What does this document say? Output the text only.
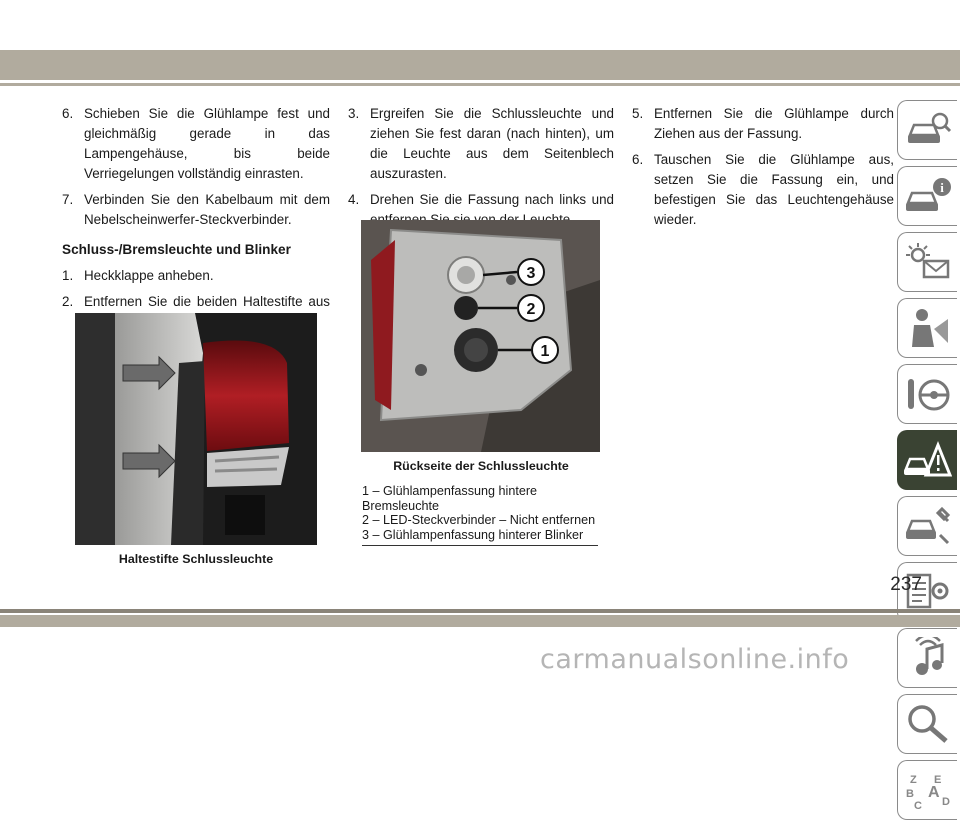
6. Schieben Sie die Glühlampe fest und gleichmäßig gerade in das Lampengehäuse, bis beide Verriegelungen vollständig einrasten.
7. Verbinden Sie den Kabelbaum mit dem Nebelscheinwerfer-Steckverbinder.
Schluss-/Bremsleuchte und Blinker
1. Heckklappe anheben.
2. Entfernen Sie die beiden Haltestifte aus
Haltestifte Schlussleuchte
3. Ergreifen Sie die Schlussleuchte und ziehen Sie fest daran (nach hinten), um die Leuchte aus dem Seitenblech auszurasten.
4. Drehen Sie die Fassung nach links und
3
2
1
Rückseite der Schlussleuchte
1 – Glühlampenfassung hintere Bremsleuchte
2 – LED-Steckverbinder – Nicht entfernen
3 – Glühlampenfassung hinterer Blinker
5. Entfernen Sie die Glühlampe durch Ziehen aus der Fassung.
6. Tauschen Sie die Glühlampe aus, setzen Sie die Fassung ein, und befestigen Sie das Leuchtengehäuse wieder.
i
Z E
B A
C D
237
carmanualsonline.info
